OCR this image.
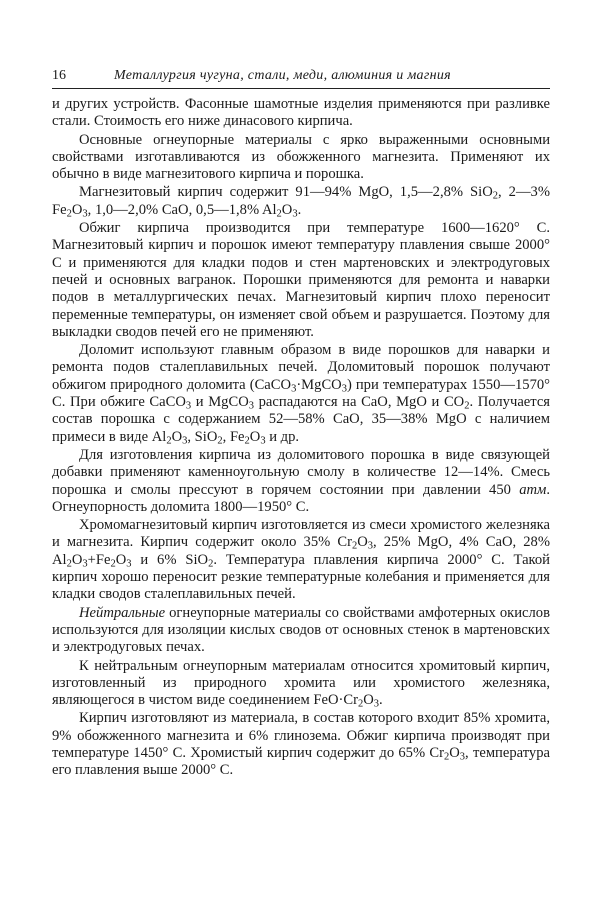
16	Металлургия чугуна, стали, меди, алюминия и магния

и других устройств. Фасонные шамотные изделия применяются при разливке стали. Стоимость его ниже динасового кирпича.

Основные огнеупорные материалы с ярко выраженными основными свойствами изготавливаются из обожженного магнезита. Применяют их обычно в виде магнезитового кирпича и порошка.

Магнезитовый кирпич содержит 91—94% MgO, 1,5—2,8% SiO$_2$, 2—3% $Fe_2O_3$, 1,0—2,0% CaO, 0,5—1,8% $Al_2O_3$.

Обжиг кирпича производится при температуре 1600—1620° С. Магнезитовый кирпич и порошок имеют температуру плавления свыше 2000° С и применяются для кладки подов и стен мартеновских и электродуговых печей и основных вагранок. Порошки применяются для ремонта и наварки подов в металлургических печах. Магнезитовый кирпич плохо переносит переменные температуры, он изменяет свой объем и разрушается. Поэтому для выкладки сводов печей его не применяют.

Доломит используют главным образом в виде порошков для наварки и ремонта подов сталеплавильных печей. Доломитовый порошок получают обжигом природного доломита (CaCO$_3$·MgCO$_3$) при температурах 1550—1570° С. При обжиге CaCO$_3$ и MgCO$_3$ распадаются на CaO, MgO и $CO_2$. Получается состав порошка с содержанием 52—58% CaO, 35—38% MgO с наличием примеси в виде $Al_2O_3$, SiO$_2$, $Fe_2O_3$ и др.

Для изготовления кирпича из доломитового порошка в виде связующей добавки применяют каменноугольную смолу в количестве 12—14%. Смесь порошка и смолы прессуют в горячем состоянии при давлении 450 атм. Огнеупорность доломита 1800—1950° С.

Хромомагнезитовый кирпич изготовляется из смеси хромистого железняка и магнезита. Кирпич содержит около 35% $Cr_2O_3$, 25% MgO, 4% CaO, 28% $Al_2O_3+Fe_2O_3$ и 6% SiO$_2$. Температура плавления кирпича 2000° С. Такой кирпич хорошо переносит резкие температурные колебания и применяется для кладки сводов сталеплавильных печей.

Нейтральные огнеупорные материалы со свойствами амфотерных окислов используются для изоляции кислых сводов от основных стенок в мартеновских и электродуговых печах.

К нейтральным огнеупорным материалам относится хромитовый кирпич, изготовленный из природного хромита или хромистого железняка, являющегося в чистом виде соединением $FeO\cdot Cr_2O_3$.

Кирпич изготовляют из материала, в состав которого входит 85% хромита, 9% обожженного магнезита и 6% глинозема. Обжиг кирпича производят при температуре 1450° С. Хромистый кирпич содержит до 65% $Cr_2O_3$, температура его плавления выше 2000° С.
